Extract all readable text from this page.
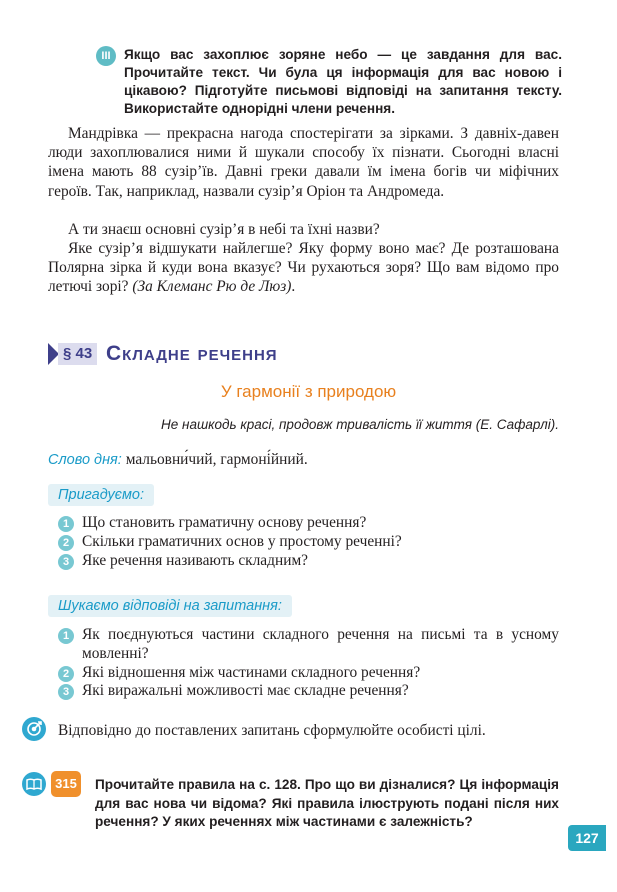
III Якщо вас захоплює зоряне небо — це завдання для вас. Прочитайте текст. Чи була ця інформація для вас новою і цікавою? Підготуйте письмові відповіді на запитання тексту. Використайте однорідні члени речення.
Мандрівка — прекрасна нагода спостерігати за зірками. З давніх-давен люди захоплювалися ними й шукали способу їх пізнати. Сьогодні власні імена мають 88 сузір’їв. Давні греки давали їм імена богів чи міфічних героїв. Так, наприклад, назвали сузір’я Оріон та Андромеда.
А ти знаєш основні сузір’я в небі та їхні назви?
Яке сузір’я відшукати найлегше? Яку форму воно має? Де розташована Полярна зірка й куди вона вказує? Чи рухаються зоря? Що вам відомо про летючі зорі? (За Клеманс Рю де Люз).
§ 43 Складне речення
У гармонії з природою
Не нашкодь красі, продовж тривалість її життя (Е. Сафарлі).
Слово дня: мальовни́чий, гармоні́йний.
Пригадуємо:
1 Що становить граматичну основу речення?
2 Скільки граматичних основ у простому реченні?
3 Яке речення називають складним?
Шукаємо відповіді на запитання:
1 Як поєднуються частини складного речення на письмі та в усному мовленні?
2 Які відношення між частинами складного речення?
3 Які виражальні можливості має складне речення?
Відповідно до поставлених запитань сформулюйте особисті цілі.
315	Прочитайте правила на с. 128. Про що ви дізналися? Ця інформація для вас нова чи відома? Які правила ілюструють подані після них речення? У яких реченнях між частинами є залежність?
127
